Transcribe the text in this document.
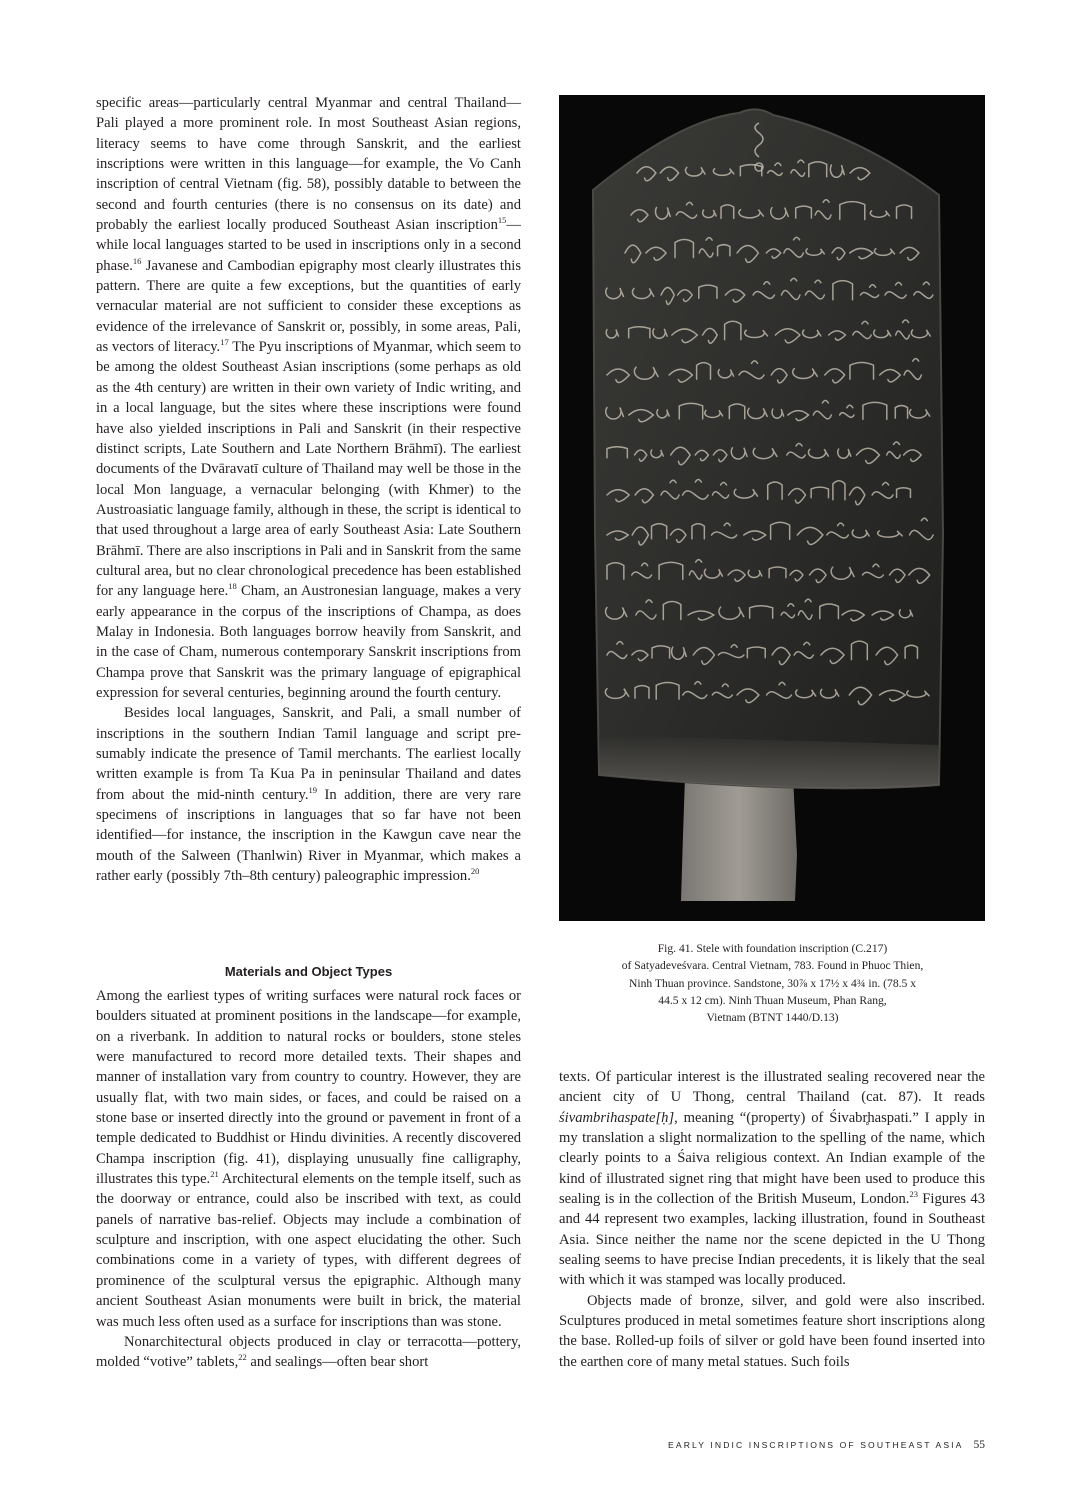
specific areas—particularly central Myanmar and central Thailand—Pali played a more prominent role. In most Southeast Asian regions, literacy seems to have come through Sanskrit, and the earliest inscriptions were written in this language—for example, the Vo Canh inscription of central Vietnam (fig. 58), possibly datable to between the second and fourth centuries (there is no consensus on its date) and probably the earliest locally produced Southeast Asian inscription$^{15}$—while local languages started to be used in inscriptions only in a second phase.$^{16}$ Javanese and Cambodian epigraphy most clearly illustrates this pattern. There are quite a few exceptions, but the quantities of early vernacular material are not sufficient to consider these exceptions as evidence of the irrelevance of Sanskrit or, possibly, in some areas, Pali, as vectors of literacy.$^{17}$ The Pyu inscriptions of Myanmar, which seem to be among the oldest Southeast Asian inscriptions (some perhaps as old as the 4th century) are written in their own variety of Indic writing, and in a local language, but the sites where these inscriptions were found have also yielded inscriptions in Pali and Sanskrit (in their respective distinct scripts, Late Southern and Late Northern Brāhmī). The earliest documents of the Dvāravatī culture of Thailand may well be those in the local Mon language, a vernacular belonging (with Khmer) to the Austroasiatic language family, although in these, the script is identical to that used throughout a large area of early Southeast Asia: Late Southern Brāhmī. There are also inscriptions in Pali and in Sanskrit from the same cultural area, but no clear chronological precedence has been established for any language here.$^{18}$ Cham, an Austronesian language, makes a very early appearance in the corpus of the inscriptions of Champa, as does Malay in Indonesia. Both languages borrow heavily from Sanskrit, and in the case of Cham, numerous contemporary Sanskrit inscriptions from Champa prove that Sanskrit was the primary language of epigraphical expression for several centuries, beginning around the fourth century.

Besides local languages, Sanskrit, and Pali, a small number of inscriptions in the southern Indian Tamil language and script presumably indicate the presence of Tamil merchants. The earliest locally written example is from Ta Kua Pa in peninsular Thailand and dates from about the mid-ninth century.$^{19}$ In addition, there are very rare specimens of inscriptions in languages that so far have not been identified—for instance, the inscription in the Kawgun cave near the mouth of the Salween (Thanlwin) River in Myanmar, which makes a rather early (possibly 7th–8th century) paleographic impression.$^{20}$

Materials and Object Types

Among the earliest types of writing surfaces were natural rock faces or boulders situated at prominent positions in the landscape—for example, on a riverbank. In addition to natural rocks or boulders, stone steles were manufactured to record more detailed texts. Their shapes and manner of installation vary from country to country. However, they are usually flat, with two main sides, or faces, and could be raised on a stone base or inserted directly into the ground or pavement in front of a temple dedicated to Buddhist or Hindu divinities. A recently discovered Champa inscription (fig. 41), displaying unusually fine calligraphy, illustrates this type.$^{21}$ Architectural elements on the temple itself, such as the doorway or entrance, could also be inscribed with text, as could panels of narrative bas-relief. Objects may include a combination of sculpture and inscription, with one aspect elucidating the other. Such combinations come in a variety of types, with different degrees of prominence of the sculptural versus the epigraphic. Although many ancient Southeast Asian monuments were built in brick, the material was much less often used as a surface for inscriptions than was stone.

Nonarchitectural objects produced in clay or terracotta—pottery, molded “votive” tablets,$^{22}$ and sealings—often bear short

Fig. 41. Stele with foundation inscription (C.217)

of Satyadeveśvara. Central Vietnam, 783. Found in Phuoc Thien,

Ninh Thuan province. Sandstone, 30⅞ x 17½ x 4¾ in. (78.5 x

44.5 x 12 cm). Ninh Thuan Museum, Phan Rang,

Vietnam (BTNT 1440/D.13)

texts. Of particular interest is the illustrated sealing recovered near the ancient city of U Thong, central Thailand (cat. 87). It reads śivambrihaspate[ḥ], meaning “(property) of Śivabr̥haspati.” I apply in my translation a slight normalization to the spelling of the name, which clearly points to a Śaiva religious context. An Indian example of the kind of illustrated signet ring that might have been used to produce this sealing is in the collection of the British Museum, London.$^{23}$ Figures 43 and 44 represent two examples, lacking illustration, found in Southeast Asia. Since neither the name nor the scene depicted in the U Thong sealing seems to have precise Indian precedents, it is likely that the seal with which it was stamped was locally produced.

Objects made of bronze, silver, and gold were also inscribed. Sculptures produced in metal sometimes feature short inscriptions along the base. Rolled-up foils of silver or gold have been found inserted into the earthen core of many metal statues. Such foils

EARLY INDIC INSCRIPTIONS OF SOUTHEAST ASIA 55
